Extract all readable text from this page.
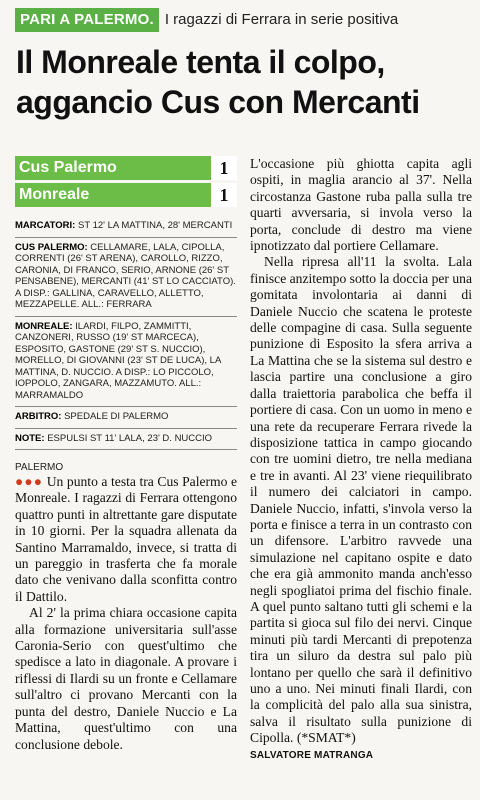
PARI A PALERMO. I ragazzi di Ferrara in serie positiva
Il Monreale tenta il colpo,
aggancio Cus con Mercanti
Cus Palermo	1
Monreale	1
MARCATORI: ST 12' LA MATTINA, 28' MERCANTI
CUS PALERMO: CELLAMARE, LALA, CIPOLLA, CORRENTI (26' ST ARENA), CAROLLO, RIZZO, CARONIA, DI FRANCO, SERIO, ARNONE (26' ST PENSABENE), MERCANTI (41' ST LO CACCIATO). A DISP.: GALLINA, CARAVELLO, ALLETTO, MEZZAPELLE. ALL.: FERRARA
MONREALE: ILARDI, FILPO, ZAMMITTI, CANZONERI, RUSSO (19' ST MARCECA), ESPOSITO, GASTONE (29' ST S. NUCCIO), MORELLO, DI GIOVANNI (23' ST DE LUCA), LA MATTINA, D. NUCCIO. A DISP.: LO PICCOLO, IOPPOLO, ZANGARA, MAZZAMUTO. ALL.: MARRAMALDO
ARBITRO: SPEDALE DI PALERMO
NOTE: ESPULSI ST 11' LALA, 23' D. NUCCIO
PALERMO

●●● Un punto a testa tra Cus Palermo e Monreale. I ragazzi di Ferrara ottengono quattro punti in altrettante gare disputate in 10 giorni. Per la squadra allenata da Santino Marramaldo, invece, si tratta di un pareggio in trasferta che fa morale dato che venivano dalla sconfitta contro il Dattilo.

Al 2' la prima chiara occasione capita alla formazione universitaria sull'asse Caronia-Serio con quest'ultimo che spedisce a lato in diagonale. A provare i riflessi di Ilardi su un fronte e Cellamare sull'altro ci provano Mercanti con la punta del destro, Daniele Nuccio e La Mattina, quest'ultimo con una conclusione debole.

L'occasione più ghiotta capita agli ospiti, in maglia arancio al 37'. Nella circostanza Gastone ruba palla sulla tre quarti avversaria, si invola verso la porta, conclude di destro ma viene ipnotizzato dal portiere Cellamare.

Nella ripresa all'11 la svolta. Lala finisce anzitempo sotto la doccia per una gomitata involontaria ai danni di Daniele Nuccio che scatena le proteste delle compagine di casa. Sulla seguente punizione di Esposito la sfera arriva a La Mattina che se la sistema sul destro e lascia partire una conclusione a giro dalla traiettoria parabolica che beffa il portiere di casa. Con un uomo in meno e una rete da recuperare Ferrara rivede la disposizione tattica in campo giocando con tre uomini dietro, tre nella mediana e tre in avanti. Al 23' viene riequilibrato il numero dei calciatori in campo. Daniele Nuccio, infatti, s'invola verso la porta e finisce a terra in un contrasto con un difensore. L'arbitro ravvede una simulazione nel capitano ospite e dato che era già ammonito manda anch'esso negli spogliatoi prima del fischio finale. A quel punto saltano tutti gli schemi e la partita si gioca sul filo dei nervi. Cinque minuti più tardi Mercanti di prepotenza tira un siluro da destra sul palo più lontano per quello che sarà il definitivo uno a uno. Nei minuti finali Ilardi, con la complicità del palo alla sua sinistra, salva il risultato sulla punizione di Cipolla. (*SMAT*)

SALVATORE MATRANGA
